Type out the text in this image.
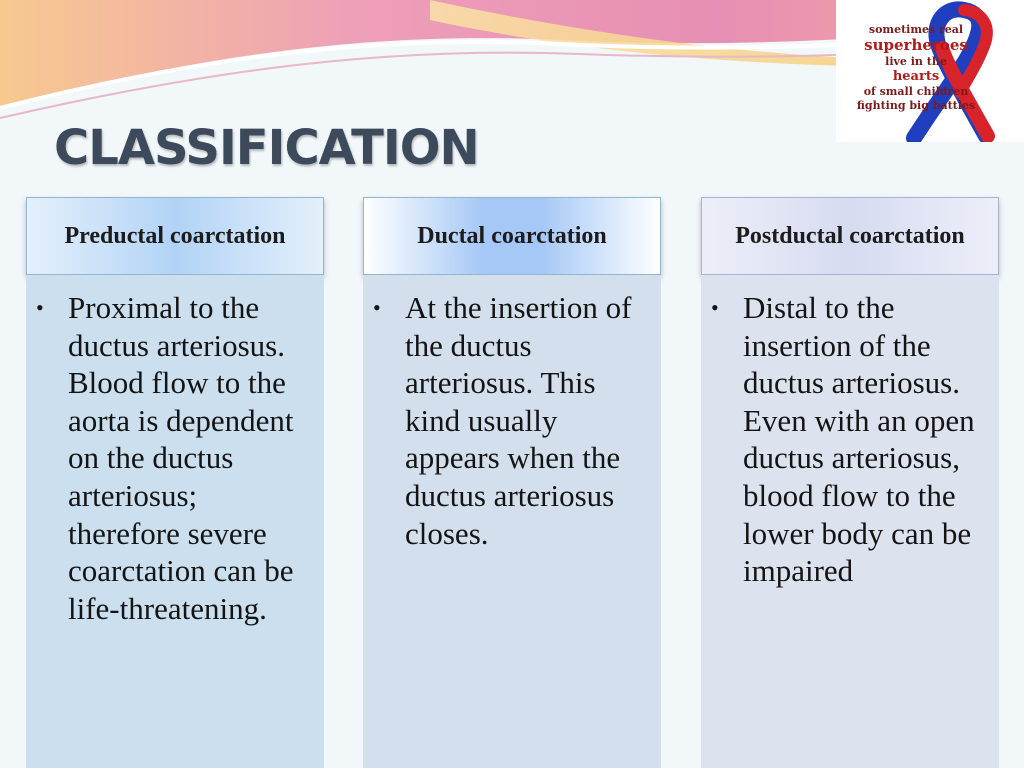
sometimes real
superheroes
live in the
hearts
of small children
fighting big battles
CLASSIFICATION
Preductal coarctation
• Proximal to the ductus arteriosus. Blood flow to the aorta is dependent on the ductus arteriosus; therefore severe coarctation can be life-threatening.
Ductal coarctation
• At the insertion of the ductus arteriosus. This kind usually appears when the ductus arteriosus closes.
Postductal coarctation
• Distal to the insertion of the ductus arteriosus. Even with an open ductus arteriosus, blood flow to the lower body can be impaired
